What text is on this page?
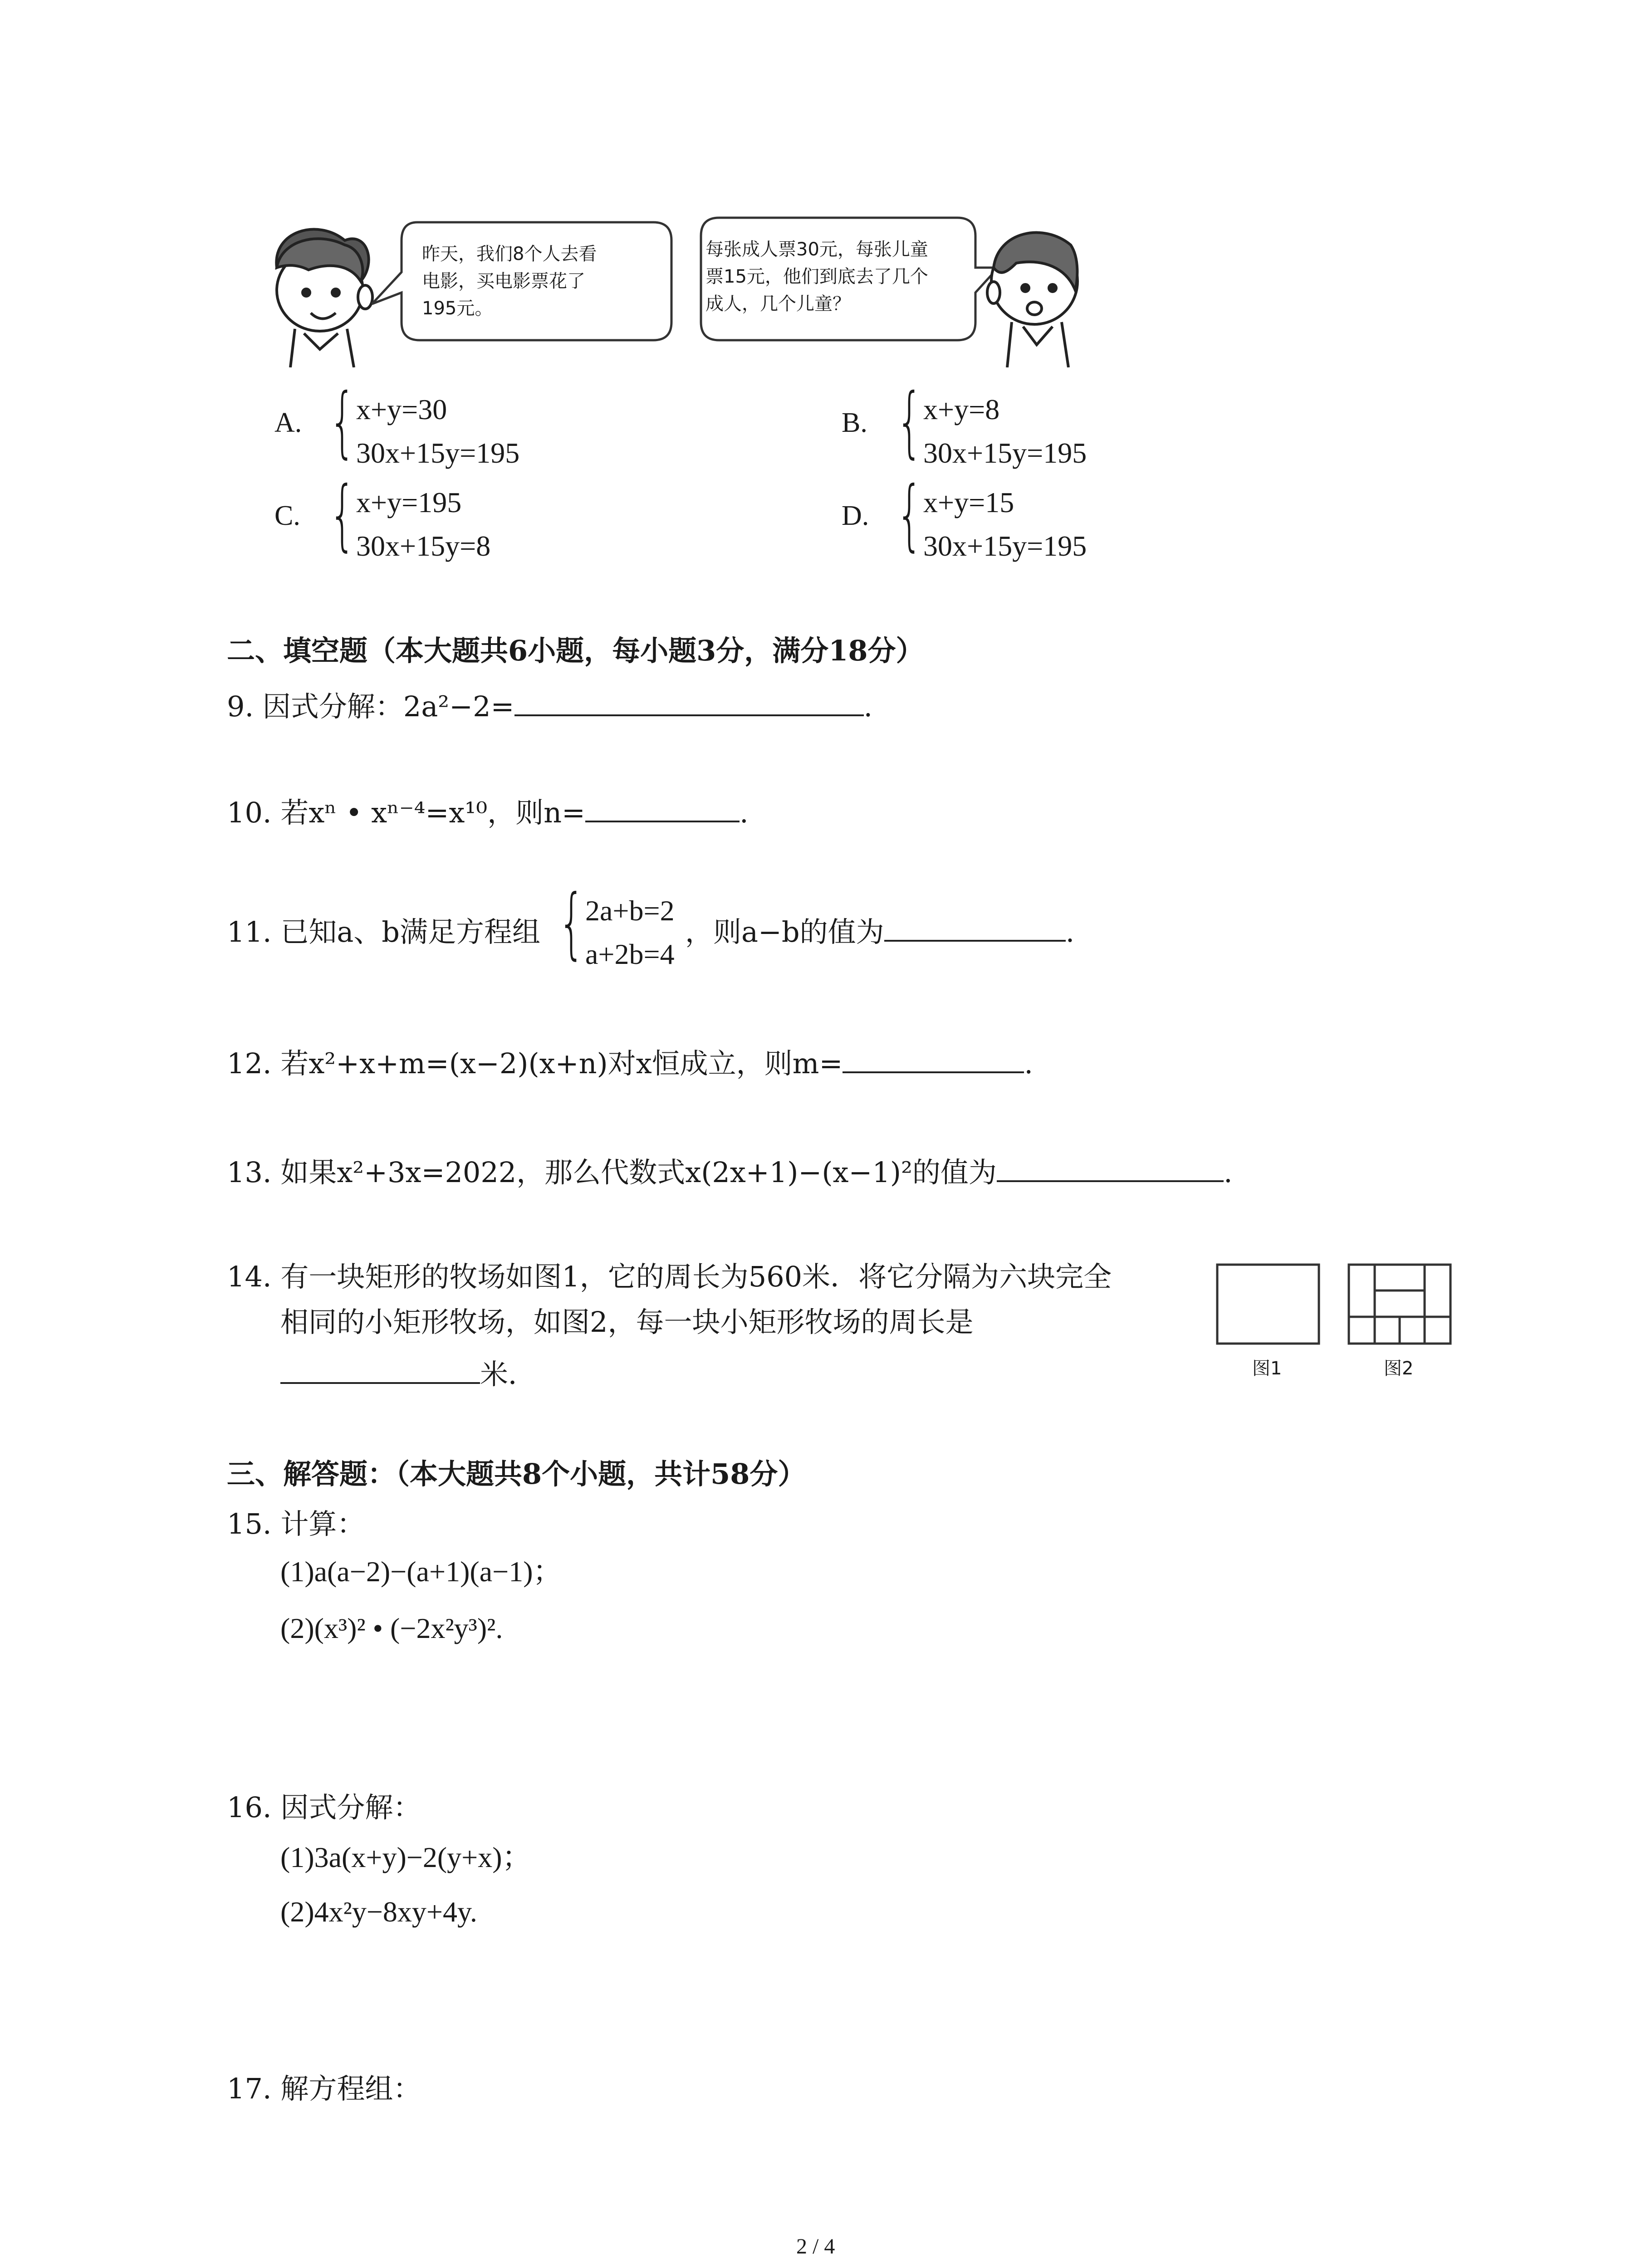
昨天，我们8个人去看
电影，买电影票花了
195元。
每张成人票30元，每张儿童
票15元，他们到底去了几个
成人，几个儿童？
A. { x+y=30
30x+15y=195
B. { x+y=8
30x+15y=195
C. { x+y=195
30x+15y=8
D. { x+y=15
30x+15y=195
二、填空题（本大题共6小题，每小题3分，满分18分）
9. 因式分解：2a²−2=	.
10. 若xⁿ • xⁿ⁻⁴=x¹⁰，则n=	.
11. 已知a、b满足方程组 { 2a+b=2
a+2b=4
，则a−b的值为	.
12. 若x²+x+m=(x−2)(x+n)对x恒成立，则m=	.
13. 如果x²+3x=2022，那么代数式x(2x+1)−(x−1)²的值为	.
14. 有一块矩形的牧场如图1，它的周长为560米．将它分隔为六块完全
相同的小矩形牧场，如图2，每一块小矩形牧场的周长是
米．	图1	图2
三、解答题：（本大题共8个小题，共计58分）
15. 计算：
(1)a(a−2)−(a+1)(a−1)；
(2)(x³)² • (−2x²y³)².
16. 因式分解：
(1)3a(x+y)−2(y+x)；
(2)4x²y−8xy+4y.
17. 解方程组：
2 / 4
